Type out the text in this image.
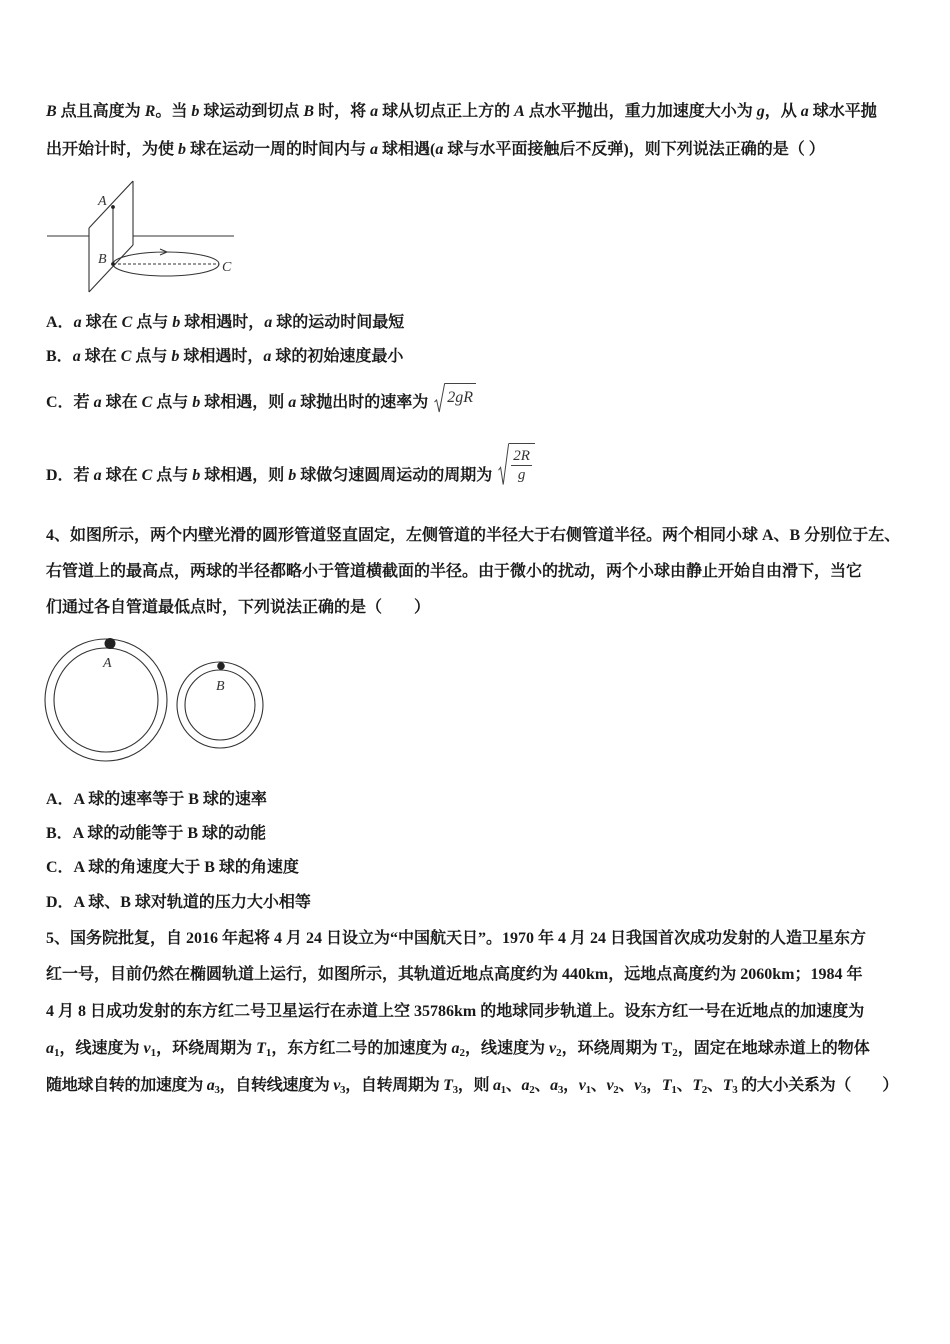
B 点且高度为 R 。当 b 球运动到切点 B 时，将 a 球从切点正上方的 A 点水平抛出，重力加速度大小为 g ，从 a 球水平抛
出开始计时，为使 b 球在运动一周的时间内与 a 球相遇( a 球与水平面接触后不反弹)，则下列说法正确的是（ ）
A
B
C
A． a 球在 C 点与 b 球相遇时， a 球的运动时间最短
B． a 球在 C 点与 b 球相遇时， a 球的初始速度最小
C．若 a 球在 C 点与 b 球相遇，则 a 球抛出时的速率为 2gR
D．若 a 球在 C 点与 b 球相遇，则 b 球做匀速圆周运动的周期为
2R
g
4、如图所示，两个内壁光滑的圆形管道竖直固定，左侧管道的半径大于右侧管道半径。两个相同小球 A、B 分别位于左、
右管道上的最高点，两球的半径都略小于管道横截面的半径。由于微小的扰动，两个小球由静止开始自由滑下，当它
们通过各自管道最低点时，下列说法正确的是（　　）
A
B
A．A 球的速率等于 B 球的速率
B．A 球的动能等于 B 球的动能
C．A 球的角速度大于 B 球的角速度
D．A 球、B 球对轨道的压力大小相等
5、国务院批复，自 2016 年起将 4 月 24 日设立为“中国航天日”。1970 年 4 月 24 日我国首次成功发射的人造卫星东方
红一号，目前仍然在椭圆轨道上运行，如图所示，其轨道近地点高度约为 440km，远地点高度约为 2060km；1984 年
4 月 8 日成功发射的东方红二号卫星运行在赤道上空 35786km 的地球同步轨道上。设东方红一号在近地点的加速度为
a 1 ，线速度为 v 1 ，环绕周期为 T 1 ，东方红二号的加速度为 a 2 ，线速度为 v 2 ，环绕周期为 T 2 ，固定在地球赤道上的物体
随地球自转的加速度为 a 3 ，自转线速度为 v 3 ，自转周期为 T 3 ，则 a 1 、 a 2 、 a 3 ， v 1 、 v 2 、 v 3 ， T 1 、 T 2 、 T 3 的大小关系为（　　）
